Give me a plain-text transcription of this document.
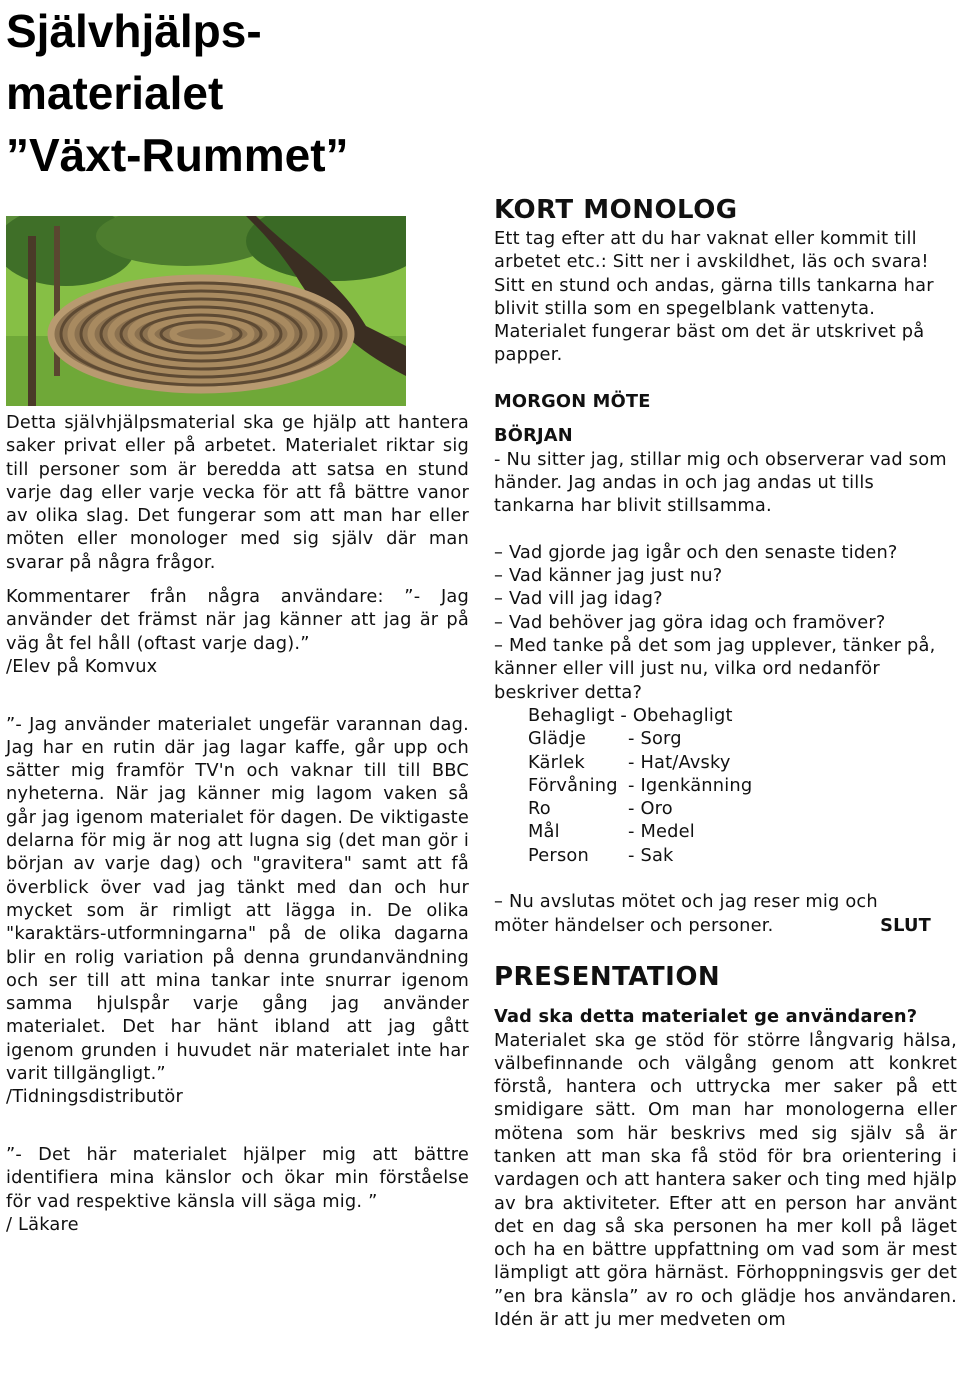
Självhjälps-
materialet
”Växt-Rummet”

Detta självhjälpsmaterial ska ge hjälp att hantera saker privat eller på arbetet. Materialet riktar sig till personer som är beredda att satsa en stund varje dag eller varje vecka för att få bättre vanor av olika slag. Det fungerar som att man har eller möten eller monologer med sig själv där man svarar på några frågor.

Kommentarer från några användare: ”- Jag använder det främst när jag känner att jag är på väg åt fel håll (oftast varje dag).”

/Elev på Komvux

”- Jag använder materialet ungefär varannan dag. Jag har en rutin där jag lagar kaffe, går upp och sätter mig framför TV'n och vaknar till till BBC nyheterna. När jag känner mig lagom vaken så går jag igenom materialet för dagen. De viktigaste delarna för mig är nog att lugna sig (det man gör i början av varje dag) och "gravitera" samt att få överblick över vad jag tänkt med dan och hur mycket som är rimligt att lägga in. De olika "karaktärs-utformningarna" på de olika dagarna blir en rolig variation på denna grundanvändning och ser till att mina tankar inte snurrar igenom samma hjulspår varje gång jag använder materialet. Det har hänt ibland att jag gått igenom grunden i huvudet när materialet inte har varit tillgängligt.”

/Tidningsdistributör

”- Det här materialet hjälper mig att bättre identifiera mina känslor och ökar min förståelse för vad respektive känsla vill säga mig. ”

/ Läkare

KORT MONOLOG

Ett tag efter att du har vaknat eller kommit till arbetet etc.: Sitt ner i avskildhet, läs och svara! Sitt en stund och andas, gärna tills tankarna har blivit stilla som en spegelblank vattenyta. Materialet fungerar bäst om det är utskrivet på papper.

MORGON MÖTE
BÖRJAN

- Nu sitter jag, stillar mig och observerar vad som händer. Jag andas in och jag andas ut tills tankarna har blivit stillsamma.

– Vad gjorde jag igår och den senaste tiden?
– Vad känner jag just nu?
– Vad vill jag idag?
– Vad behöver jag göra idag och framöver?
– Med tanke på det som jag upplever, tänker på, känner eller vill just nu, vilka ord nedanför beskriver detta?
Behagligt - Obehagligt
Glädje	- Sorg
Kärlek	- Hat/Avsky
Förvåning - Igenkänning
Ro	- Oro
Mål	- Medel
Person	- Sak

– Nu avslutas mötet och jag reser mig och

möter händelser och personer.	SLUT
PRESENTATION
Vad ska detta materialet ge användaren?

Materialet ska ge stöd för större långvarig hälsa, välbefinnande och välgång genom att konkret förstå, hantera och uttrycka mer saker på ett smidigare sätt. Om man har monologerna eller mötena som här beskrivs med sig själv så är tanken att man ska få stöd för bra orientering i vardagen och att hantera saker och ting med hjälp av bra aktiviteter. Efter att en person har använt det en dag så ska personen ha mer koll på läget och ha en bättre uppfattning om vad som är mest lämpligt att göra härnäst. Förhoppningsvis ger det ”en bra känsla” av ro och glädje hos användaren. Idén är att ju mer medveten om
